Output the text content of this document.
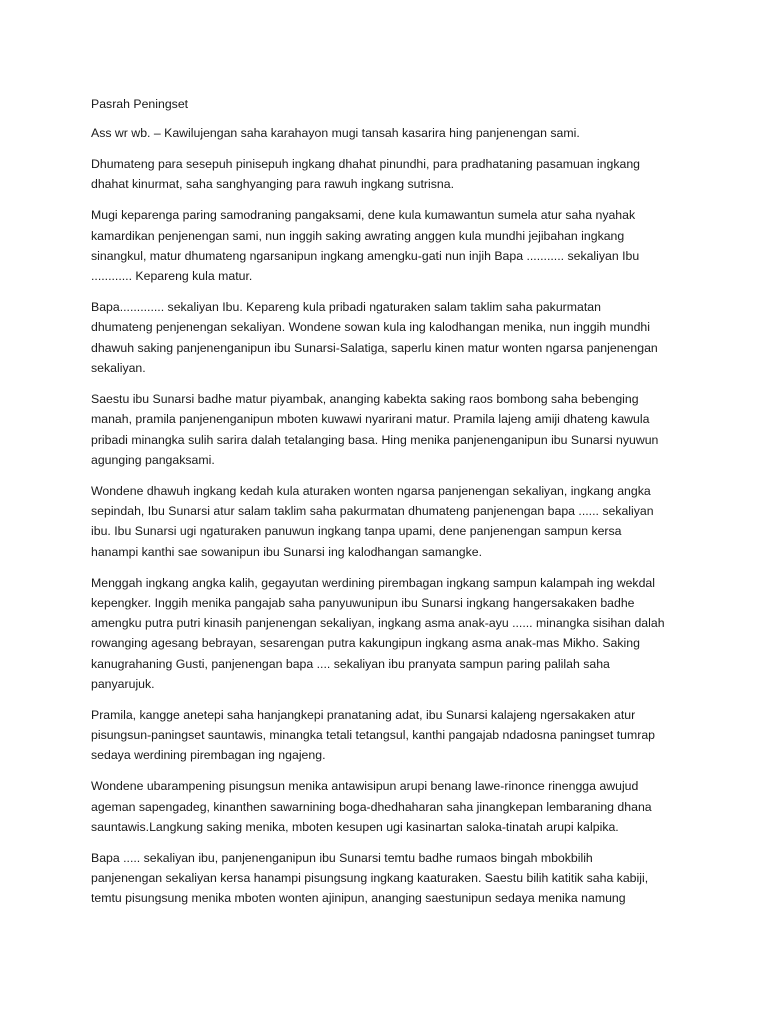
Pasrah Peningset
Ass wr wb. – Kawilujengan saha karahayon mugi tansah kasarira hing panjenengan sami.
Dhumateng para sesepuh pinisepuh ingkang dhahat pinundhi, para pradhataning pasamuan ingkang
dhahat kinurmat, saha sanghyanging para rawuh ingkang sutrisna.
Mugi keparenga paring samodraning pangaksami, dene kula kumawantun sumela atur saha nyahak
kamardikan penjenengan sami, nun inggih saking awrating anggen kula mundhi jejibahan ingkang
sinangkul, matur dhumateng ngarsanipun ingkang amengku-gati nun injih Bapa ........... sekaliyan Ibu
............ Kepareng kula matur.
Bapa............. sekaliyan Ibu. Kepareng kula pribadi ngaturaken salam taklim saha pakurmatan
dhumateng penjenengan sekaliyan. Wondene sowan kula ing kalodhangan menika, nun inggih mundhi
dhawuh saking panjenenganipun ibu Sunarsi-Salatiga, saperlu kinen matur wonten ngarsa panjenengan
sekaliyan.
Saestu ibu Sunarsi badhe matur piyambak, ananging kabekta saking raos bombong saha bebenging
manah, pramila panjenenganipun mboten kuwawi nyarirani matur. Pramila lajeng amiji dhateng kawula
pribadi minangka sulih sarira dalah tetalanging basa. Hing menika panjenenganipun ibu Sunarsi nyuwun
agunging pangaksami.
Wondene dhawuh ingkang kedah kula aturaken wonten ngarsa panjenengan sekaliyan, ingkang angka
sepindah, Ibu Sunarsi atur salam taklim saha pakurmatan dhumateng panjenengan bapa ...... sekaliyan
ibu. Ibu Sunarsi ugi ngaturaken panuwun ingkang tanpa upami, dene panjenengan sampun kersa
hanampi kanthi sae sowanipun ibu Sunarsi ing kalodhangan samangke.
Menggah ingkang angka kalih, gegayutan werdining pirembagan ingkang sampun kalampah ing wekdal
kepengker. Inggih menika pangajab saha panyuwunipun ibu Sunarsi ingkang hangersakaken badhe
amengku putra putri kinasih panjenengan sekaliyan, ingkang asma anak-ayu ...... minangka sisihan dalah
rowanging agesang bebrayan, sesarengan putra kakungipun ingkang asma anak-mas Mikho. Saking
kanugrahaning Gusti, panjenengan bapa .... sekaliyan ibu pranyata sampun paring palilah saha
panyarujuk.
Pramila, kangge anetepi saha hanjangkepi pranataning adat, ibu Sunarsi kalajeng ngersakaken atur
pisungsun-paningset sauntawis, minangka tetali tetangsul, kanthi pangajab ndadosna paningset tumrap
sedaya werdining pirembagan ing ngajeng.
Wondene ubarampening pisungsun menika antawisipun arupi benang lawe-rinonce rinengga awujud
ageman sapengadeg, kinanthen sawarnining boga-dhedhaharan saha jinangkepan lembaraning dhana
sauntawis.Langkung saking menika, mboten kesupen ugi kasinartan saloka-tinatah arupi kalpika.
Bapa ..... sekaliyan ibu, panjenenganipun ibu Sunarsi temtu badhe rumaos bingah mbokbilih
panjenengan sekaliyan kersa hanampi pisungsung ingkang kaaturaken. Saestu bilih katitik saha kabiji,
temtu pisungsung menika mboten wonten ajinipun, ananging saestunipun sedaya menika namung
